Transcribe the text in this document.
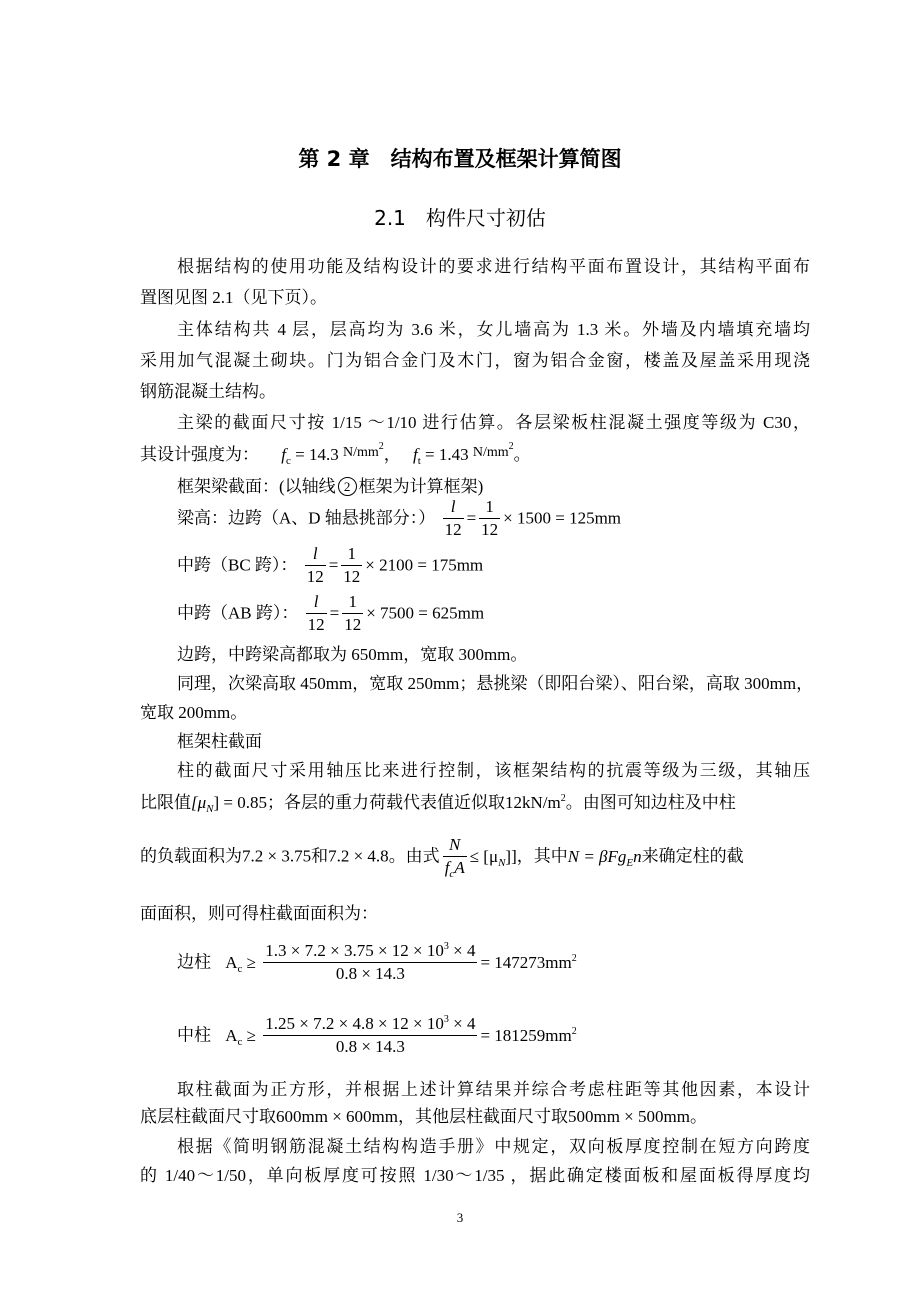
第 2 章　结构布置及框架计算简图
2.1　构件尺寸初估
根据结构的使用功能及结构设计的要求进行结构平面布置设计，其结构平面布
置图见图 2.1（见下页）。
主体结构共 4 层，层高均为 3.6 米，女儿墙高为 1.3 米。外墙及内墙填充墙均
采用加气混凝土砌块。门为铝合金门及木门，窗为铝合金窗，楼盖及屋盖采用现浇
钢筋混凝土结构。
主梁的截面尺寸按 1/15 ～1/10 进行估算。各层梁板柱混凝土强度等级为 C30，
其设计强度为： $f_c = 14.3$ $^{N/mm^2}$， $f_t = 1.43$ $^{N/mm^2}$。
框架梁截面：(以轴线 2 框架为计算框架)
梁高：边跨（A、D 轴悬挑部分：） $\frac{l}{12} = \frac{1}{12} \times 1500 = 125mm$
中跨（BC 跨）： $\frac{l}{12} = \frac{1}{12} \times 2100 = 175mm$
中跨（AB 跨）： $\frac{l}{12} = \frac{1}{12} \times 7500 = 625mm$
边跨，中跨梁高都取为 650mm，宽取 300mm。
同理，次梁高取 450mm，宽取 250mm；悬挑梁（即阳台梁）、阳台梁，高取 300mm，
宽取 200mm。
框架柱截面
柱的截面尺寸采用轴压比来进行控制，该框架结构的抗震等级为三级，其轴压
比限值$[\mu_N] = 0.85$；各层的重力荷载代表值近似取$12kN/m^2$。由图可知边柱及中柱
的负载面积为7.2 × 3.75和7.2 × 4.8。由式 $\frac{N}{f_cA} \le [\mu_N]$]，其中N = βFg$_E$n来确定柱的截
面面积，则可得柱截面面积为：
边柱 $A_c \ge \frac{1.3 \times 7.2 \times 3.75 \times 12 \times 10^3 \times 4}{0.8 \times 14.3} = 147273mm^2$
中柱 $A_c \ge \frac{1.25 \times 7.2 \times 4.8 \times 12 \times 10^3 \times 4}{0.8 \times 14.3} = 181259mm^2$
取柱截面为正方形，并根据上述计算结果并综合考虑柱距等其他因素，本设计
底层柱截面尺寸取600mm × 600mm，其他层柱截面尺寸取500mm × 500mm。
根据《简明钢筋混凝土结构构造手册》中规定，双向板厚度控制在短方向跨度
的 1/40～1/50，单向板厚度可按照 1/30～1/35 ，据此确定楼面板和屋面板得厚度均
3
